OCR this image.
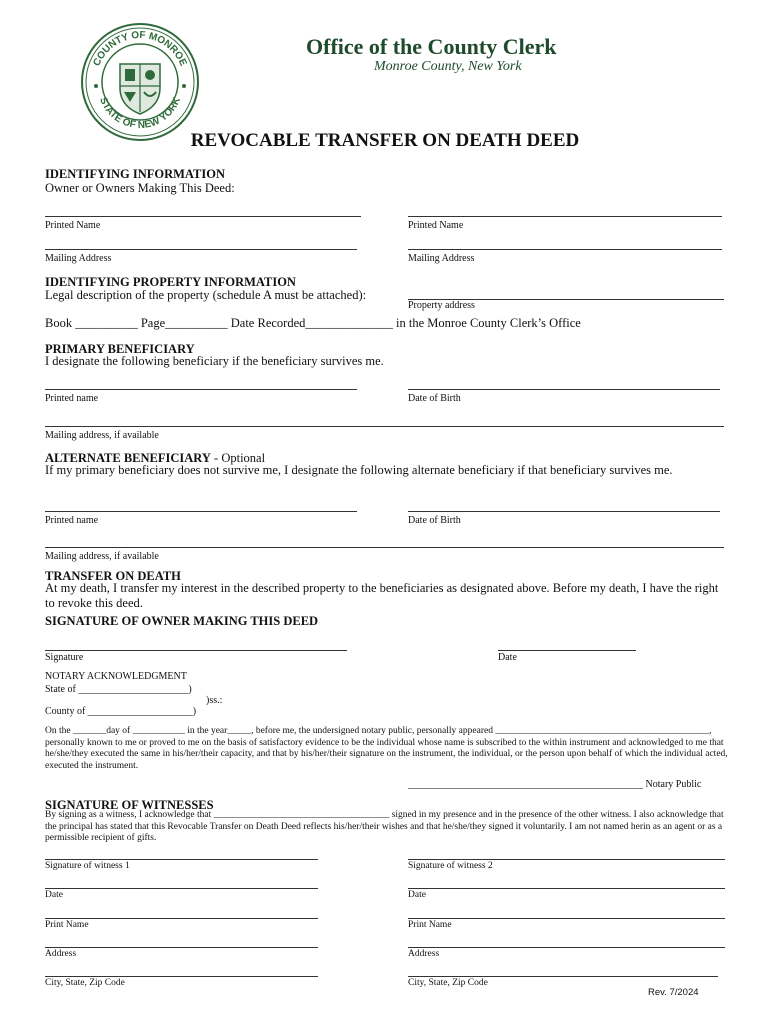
COUNTY OF MONROE
STATE OF NEW YORK
Office of the County Clerk
Monroe County, New York
REVOCABLE TRANSFER ON DEATH DEED
IDENTIFYING INFORMATION
Owner or Owners Making This Deed:
Printed Name	Printed Name
Mailing Address	Mailing Address
IDENTIFYING PROPERTY INFORMATION
Legal description of the property (schedule A must be attached):
Property address
Book __________ Page__________ Date Recorded______________ in the Monroe County Clerk’s Office
PRIMARY BENEFICIARY
I designate the following beneficiary if the beneficiary survives me.
Printed name	Date of Birth
Mailing address, if available
ALTERNATE BENEFICIARY - Optional
If my primary beneficiary does not survive me, I designate the following alternate beneficiary if that beneficiary survives me.
Printed name	Date of Birth
Mailing address, if available
TRANSFER ON DEATH
At my death, I transfer my interest in the described property to the beneficiaries as designated above. Before my death, I have the right to revoke this deed.
SIGNATURE OF OWNER MAKING THIS DEED
Signature	Date
NOTARY ACKNOWLEDGMENT
State of ______________________)
)ss.:
County of _____________________)
On the _______day of ___________ in the year_____, before me, the undersigned notary public, personally appeared _____________________________________________, personally known to me or proved to me on the basis of satisfactory evidence to be the individual whose name is subscribed to the within instrument and acknowledged to me that he/she/they executed the same in his/her/their capacity, and that by his/her/their signature on the instrument, the individual, or the person upon behalf of which the individual acted, executed the instrument.
_______________________________________________ Notary Public
SIGNATURE OF WITNESSES
By signing as a witness, I acknowledge that _____________________________________ signed in my presence and in the presence of the other witness. I also acknowledge that the principal has stated that this Revocable Transfer on Death Deed reflects his/her/their wishes and that he/she/they signed it voluntarily. I am not named herin as an agent or as a permissible recipient of gifts.
Signature of witness 1	Signature of witness 2
Date	Date
Print Name	Print Name
Address	Address
City, State, Zip Code	City, State, Zip Code
Rev. 7/2024
